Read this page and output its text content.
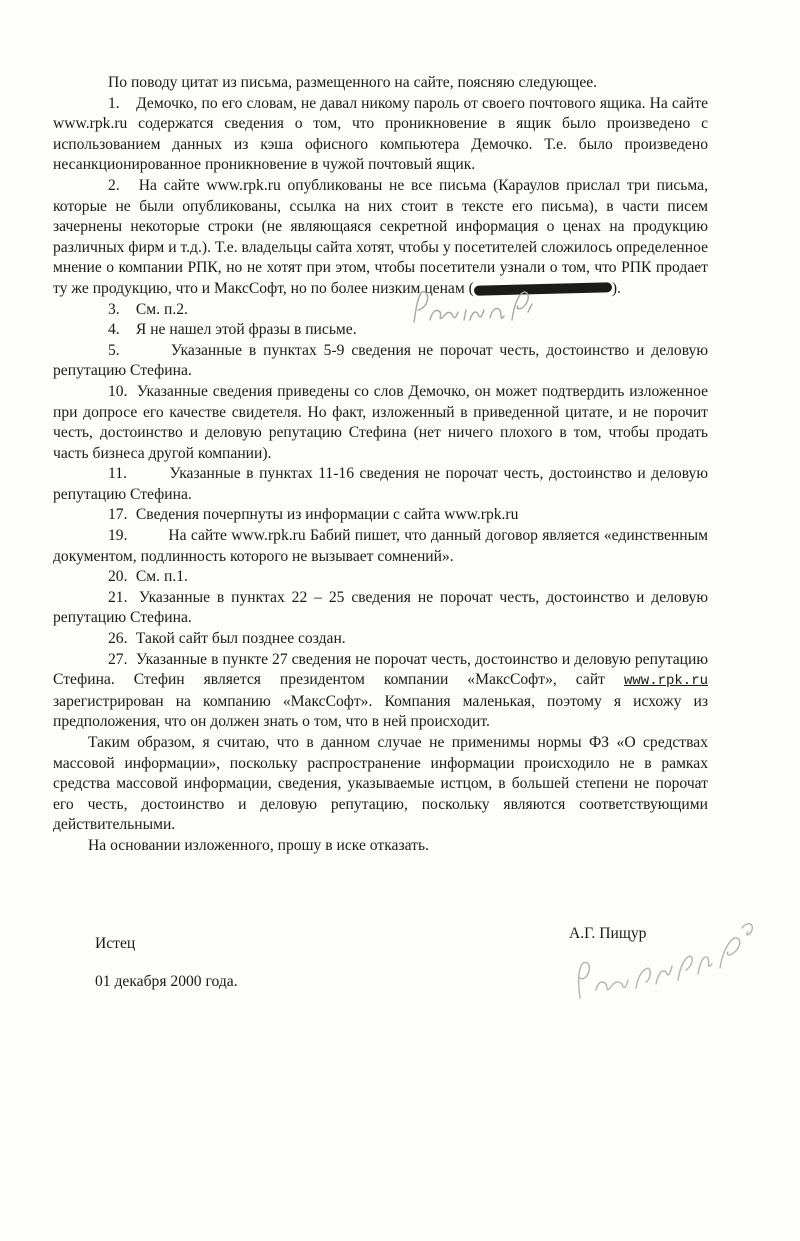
По поводу цитат из письма, размещенного на сайте, поясняю следующее.

1. Демочко, по его словам, не давал никому пароль от своего почтового ящика. На сайте www.rpk.ru содержатся сведения о том, что проникновение в ящик было произведено с использованием данных из кэша офисного компьютера Демочко. Т.е. было произведено несанкционированное проникновение в чужой почтовый ящик.

2. На сайте www.rpk.ru опубликованы не все письма (Караулов прислал три письма, которые не были опубликованы, ссылка на них стоит в тексте его письма), в части писем зачернены некоторые строки (не являющаяся секретной информация о ценах на продукцию различных фирм и т.д.). Т.е. владельцы сайта хотят, чтобы у посетителей сложилось определенное мнение о компании РПК, но не хотят при этом, чтобы посетители узнали о том, что РПК продает ту же продукцию, что и МаксСофт, но по более низким ценам (	).

3. См. п.2.

4. Я не нашел этой фразы в письме.

5.	Указанные в пунктах 5-9 сведения не порочат честь, достоинство и деловую репутацию Стефина.

10. Указанные сведения приведены со слов Демочко, он может подтвердить изложенное при допросе его качестве свидетеля. Но факт, изложенный в приведенной цитате, и не порочит честь, достоинство и деловую репутацию Стефина (нет ничего плохого в том, чтобы продать часть бизнеса другой компании).

11.	Указанные в пунктах 11-16 сведения не порочат честь, достоинство и деловую репутацию Стефина.

17. Сведения почерпнуты из информации с сайта www.rpk.ru

19.	На сайте www.rpk.ru Бабий пишет, что данный договор является «единственным документом, подлинность которого не вызывает сомнений».

20. См. п.1.

21. Указанные в пунктах 22 – 25 сведения не порочат честь, достоинство и деловую репутацию Стефина.

26. Такой сайт был позднее создан.

27. Указанные в пункте 27 сведения не порочат честь, достоинство и деловую репутацию Стефина. Стефин является президентом компании «МаксСофт», сайт www.rpk.ru зарегистрирован на компанию «МаксСофт». Компания маленькая, поэтому я исхожу из предположения, что он должен знать о том, что в ней происходит.

Таким образом, я считаю, что в данном случае не применимы нормы ФЗ «О средствах массовой информации», поскольку распространение информации происходило не в рамках средства массовой информации, сведения, указываемые истцом, в большей степени не порочат его честь, достоинство и деловую репутацию, поскольку являются соответствующими действительными.

На основании изложенного, прошу в иске отказать.

Истец
01 декабря 2000 года.
А.Г. Пищур
